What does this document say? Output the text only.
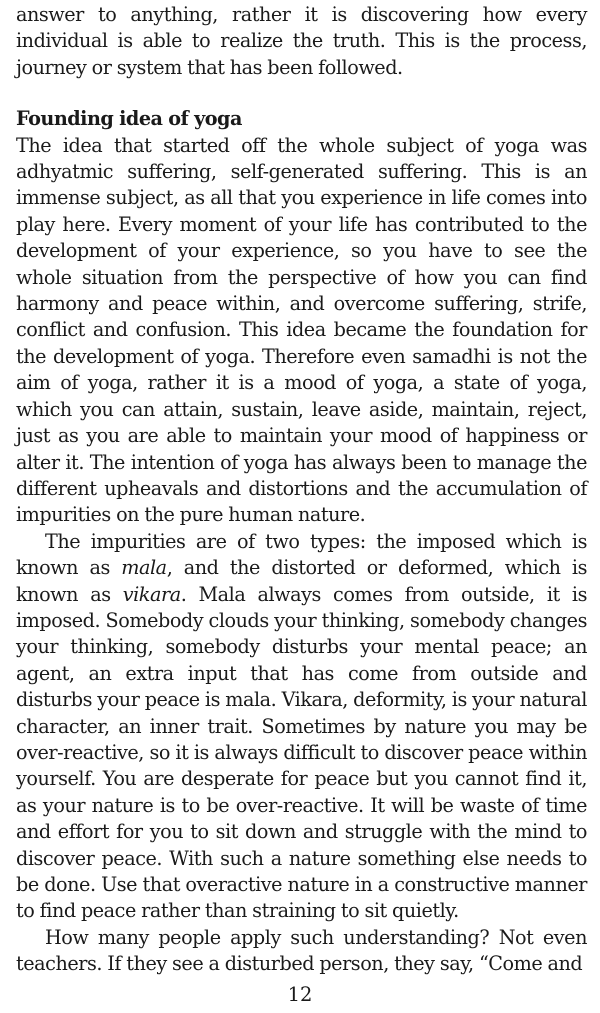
answer to anything, rather it is discovering how every individual is able to realize the truth. This is the process, journey or system that has been followed.

Founding idea of yoga

The idea that started off the whole subject of yoga was adhyatmic suffering, self-generated suffering. This is an immense subject, as all that you experience in life comes into play here. Every moment of your life has contributed to the development of your experience, so you have to see the whole situation from the perspective of how you can find harmony and peace within, and overcome suffering, strife, conflict and confusion. This idea became the foundation for the development of yoga. Therefore even samadhi is not the aim of yoga, rather it is a mood of yoga, a state of yoga, which you can attain, sustain, leave aside, maintain, reject, just as you are able to maintain your mood of happiness or alter it. The intention of yoga has always been to manage the different upheavals and distortions and the accumulation of impurities on the pure human nature.

The impurities are of two types: the imposed which is known as mala, and the distorted or deformed, which is known as vikara. Mala always comes from outside, it is imposed. Somebody clouds your thinking, somebody changes your thinking, somebody disturbs your mental peace; an agent, an extra input that has come from outside and disturbs your peace is mala. Vikara, deformity, is your natural character, an inner trait. Sometimes by nature you may be over-reactive, so it is always difficult to discover peace within yourself. You are desperate for peace but you cannot find it, as your nature is to be over-reactive. It will be waste of time and effort for you to sit down and struggle with the mind to discover peace. With such a nature something else needs to be done. Use that overactive nature in a constructive manner to find peace rather than straining to sit quietly.

How many people apply such understanding? Not even teachers. If they see a disturbed person, they say, “Come and

12
